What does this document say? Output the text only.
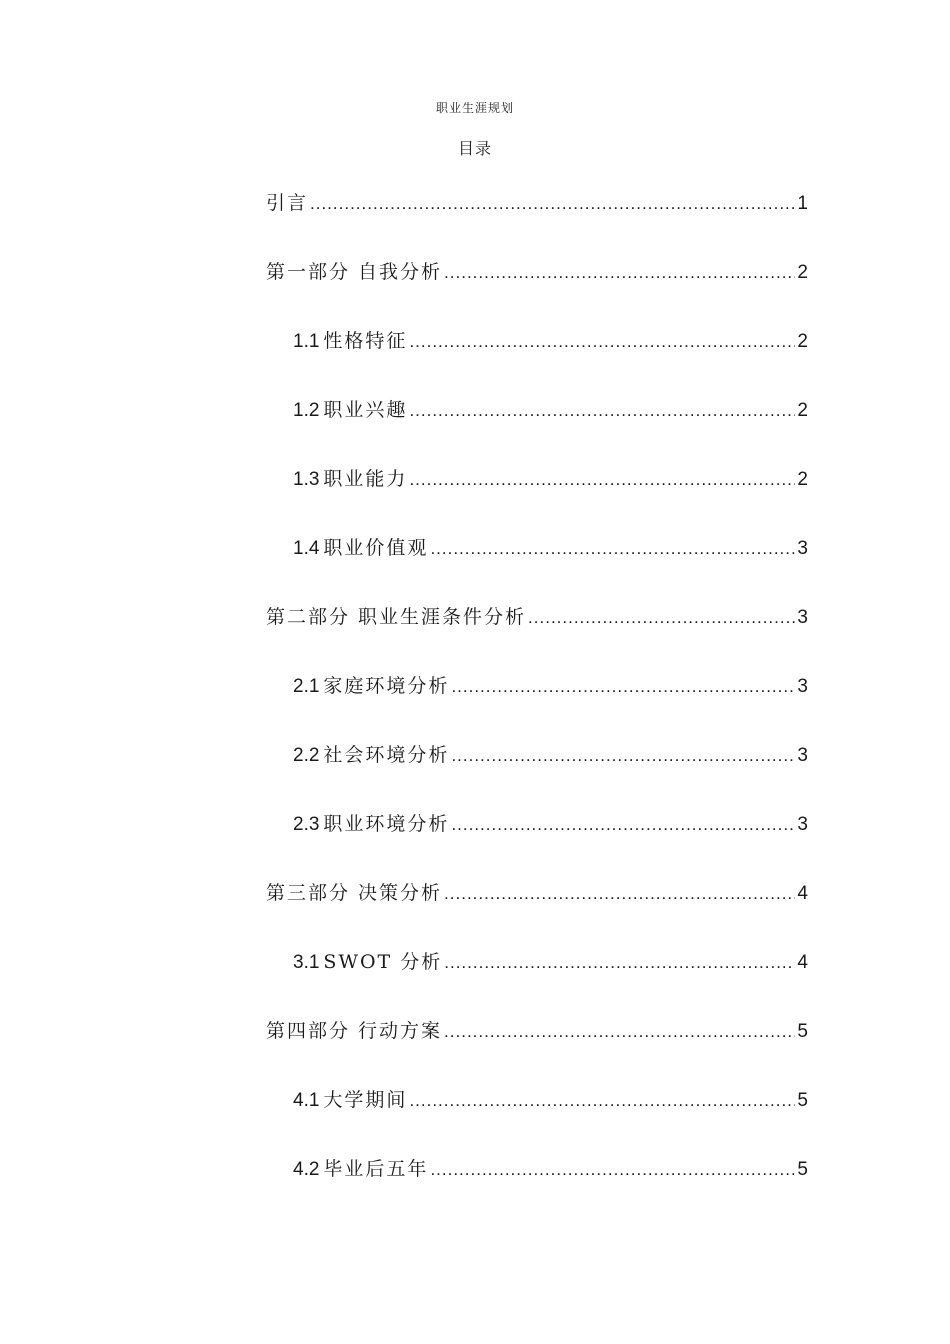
职业生涯规划
目录
引言 .....	1
第一部分 自我分析 .....	2
1.1 性格特征 .....	2
1.2 职业兴趣 .....	2
1.3 职业能力 .....	2
1.4 职业价值观 .....	3
第二部分 职业生涯条件分析 .....	3
2.1 家庭环境分析 .....	3
2.2 社会环境分析 .....	3
2.3 职业环境分析 .....	3
第三部分 决策分析 .....	4
3.1 SWOT 分析 .....	4
第四部分 行动方案 .....	5
4.1 大学期间 .....	5
4.2 毕业后五年 .....	5
